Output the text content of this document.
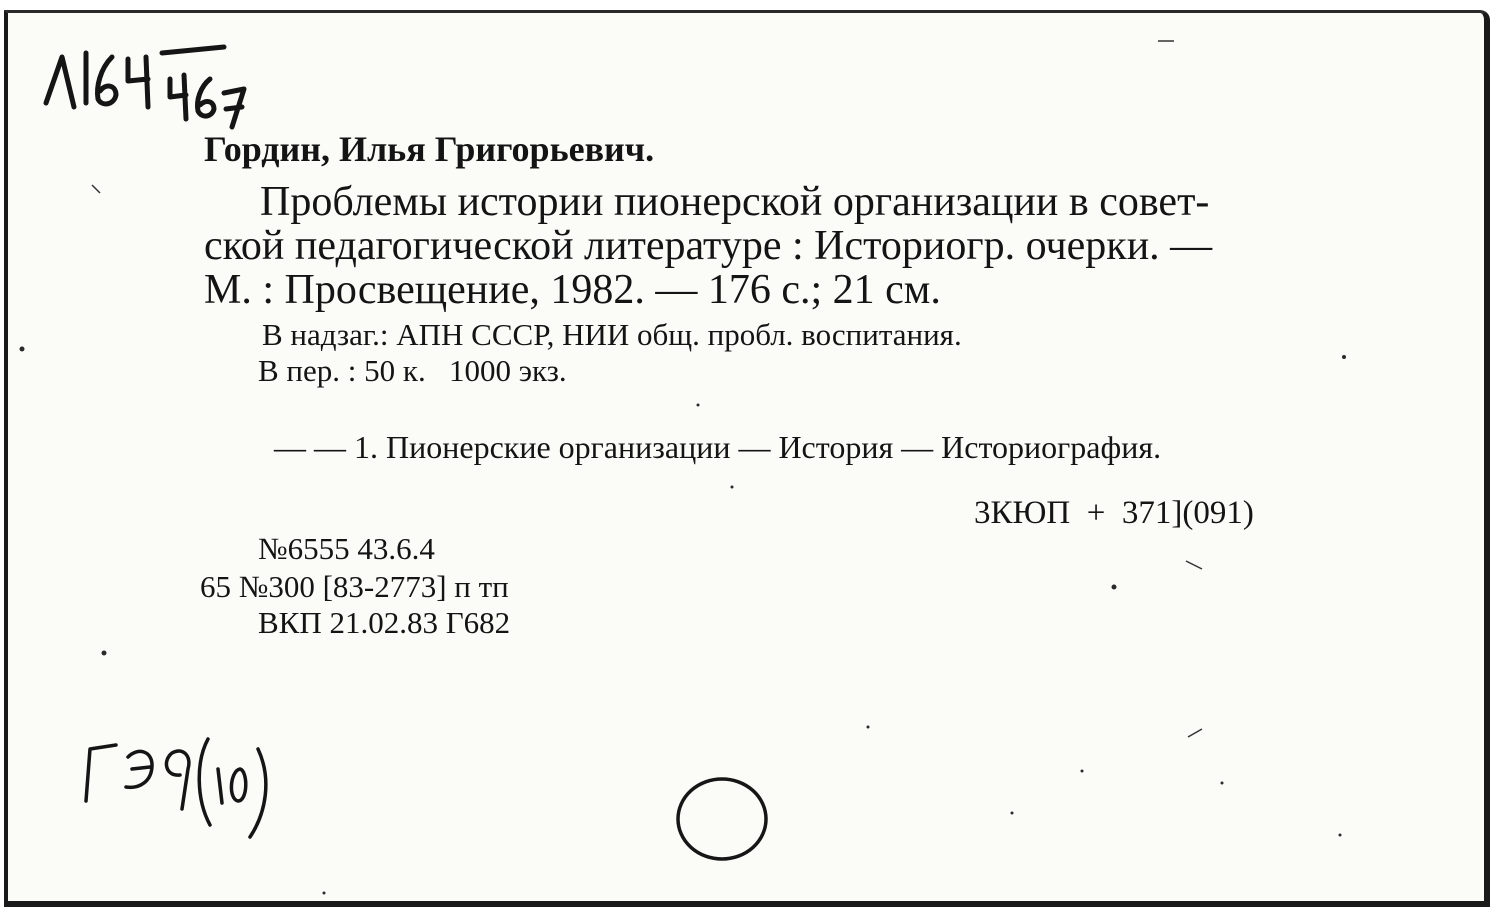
Гордин, Илья Григорьевич.
Проблемы истории пионерской организации в совет-
ской педагогической литературе : Историогр. очерки. —
М. : Просвещение, 1982. — 176 с.; 21 см.
В надзаг.: АПН СССР, НИИ общ. пробл. воспитания.
В пер. : 50 к.   1000 экз.
— — 1. Пионерские организации — История — Историография.
3КЮП  +  371](091)
№6555 43.6.4
65 №300 [83-2773] п тп
ВКП 21.02.83 Г682
